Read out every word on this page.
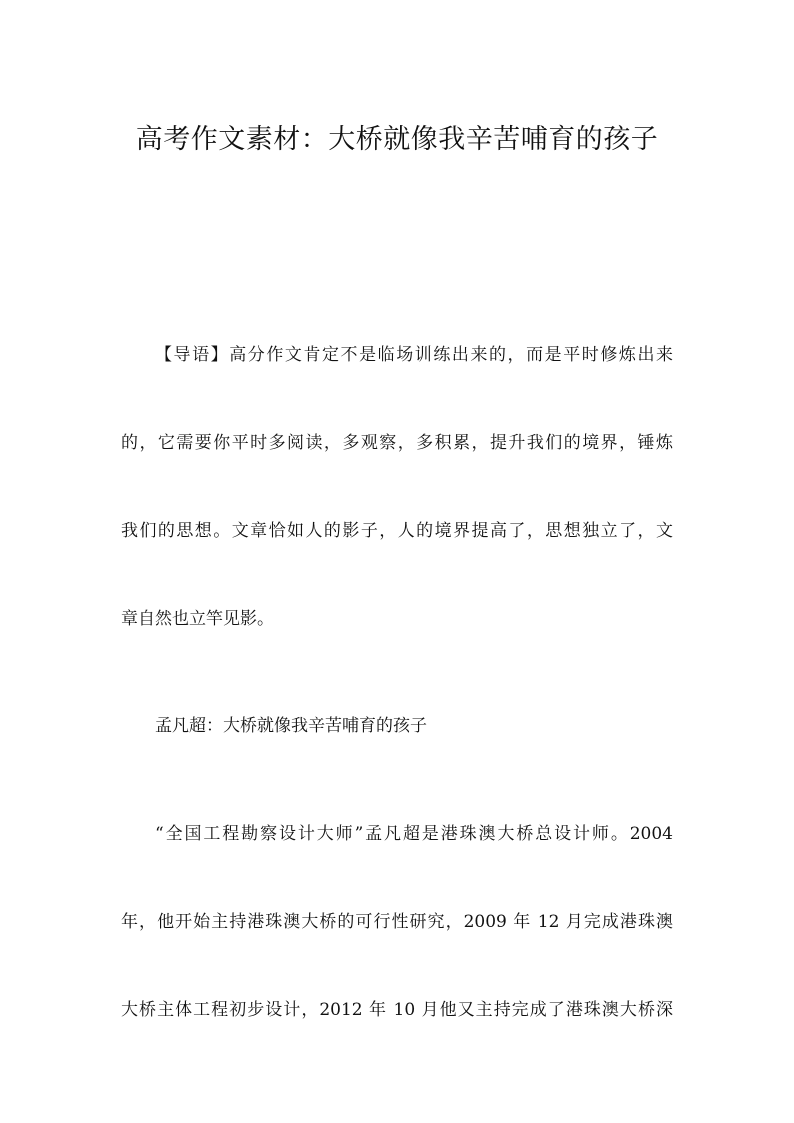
高考作文素材：大桥就像我辛苦哺育的孩子
【导语】高分作文肯定不是临场训练出来的，而是平时修炼出来
的，它需要你平时多阅读，多观察，多积累，提升我们的境界，锤炼
我们的思想。文章恰如人的影子，人的境界提高了，思想独立了，文
章自然也立竿见影。
孟凡超：大桥就像我辛苦哺育的孩子
“全国工程勘察设计大师”孟凡超是港珠澳大桥总设计师。2004
年，他开始主持港珠澳大桥的可行性研究，2009 年 12 月完成港珠澳
大桥主体工程初步设计，2012 年 10 月他又主持完成了港珠澳大桥深
